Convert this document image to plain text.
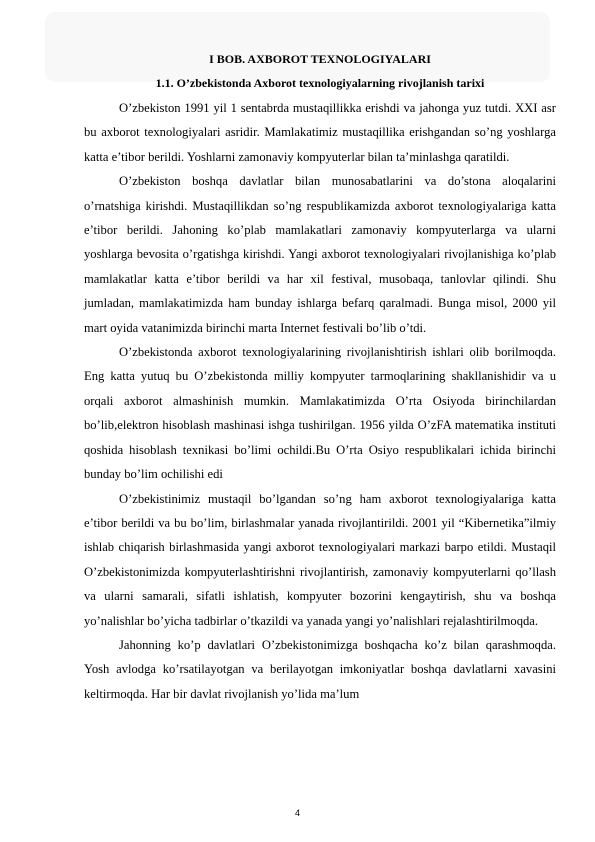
I BOB. AXBOROT TEXNOLOGIYALARI
1.1. O’zbekistonda Axborot texnologiyalarning rivojlanish tarixi

O’zbekiston 1991 yil 1 sentabrda mustaqillikka erishdi va jahonga yuz tutdi. XXI asr bu axborot texnologiyalari asridir. Mamlakatimiz mustaqillika erishgandan so’ng yoshlarga katta e’tibor berildi. Yoshlarni zamonaviy kompyuterlar bilan ta’minlashga qaratildi.

O’zbekiston boshqa davlatlar bilan munosabatlarini va do’stona aloqalarini o’rnatshiga kirishdi. Mustaqillikdan so’ng respublikamizda axborot texnologiyalariga katta e’tibor berildi. Jahoning ko’plab mamlakatlari zamonaviy kompyuterlarga va ularni yoshlarga bevosita o’rgatishga kirishdi. Yangi axborot texnologiyalari rivojlanishiga ko’plab mamlakatlar katta e’tibor berildi va har xil festival, musobaqa, tanlovlar qilindi. Shu jumladan, mamlakatimizda ham bunday ishlarga befarq qaralmadi. Bunga misol, 2000 yil mart oyida vatanimizda birinchi marta Internet festivali bo’lib o’tdi.

O’zbekistonda axborot texnologiyalarining rivojlanishtirish ishlari olib borilmoqda. Eng katta yutuq bu O’zbekistonda milliy kompyuter tarmoqlarining shakllanishidir va u orqali axborot almashinish mumkin. Mamlakatimizda O’rta Osiyoda birinchilardan bo’lib,elektron hisoblash mashinasi ishga tushirilgan. 1956 yilda O’zFA matematika instituti qoshida hisoblash texnikasi bo’limi ochildi.Bu O’rta Osiyo respublikalari ichida birinchi bunday bo’lim ochilishi edi

O’zbekistinimiz mustaqil bo’lgandan so’ng ham axborot texnologiyalariga katta e’tibor berildi va bu bo’lim, birlashmalar yanada rivojlantirildi. 2001 yil “Kibernetika”ilmiy ishlab chiqarish birlashmasida yangi axborot texnologiyalari markazi barpo etildi. Mustaqil O’zbekistonimizda kompyuterlashtirishni rivojlantirish, zamonaviy kompyuterlarni qo’llash va ularni samarali, sifatli ishlatish, kompyuter bozorini kengaytirish, shu va boshqa yo’nalishlar bo’yicha tadbirlar o’tkazildi va yanada yangi yo’nalishlari rejalashtirilmoqda.

Jahonning ko’p davlatlari O’zbekistonimizga boshqacha ko’z bilan qarashmoqda. Yosh avlodga ko’rsatilayotgan va berilayotgan imkoniyatlar boshqa davlatlarni xavasini keltirmoqda. Har bir davlat rivojlanish yo’lida ma’lum

4
